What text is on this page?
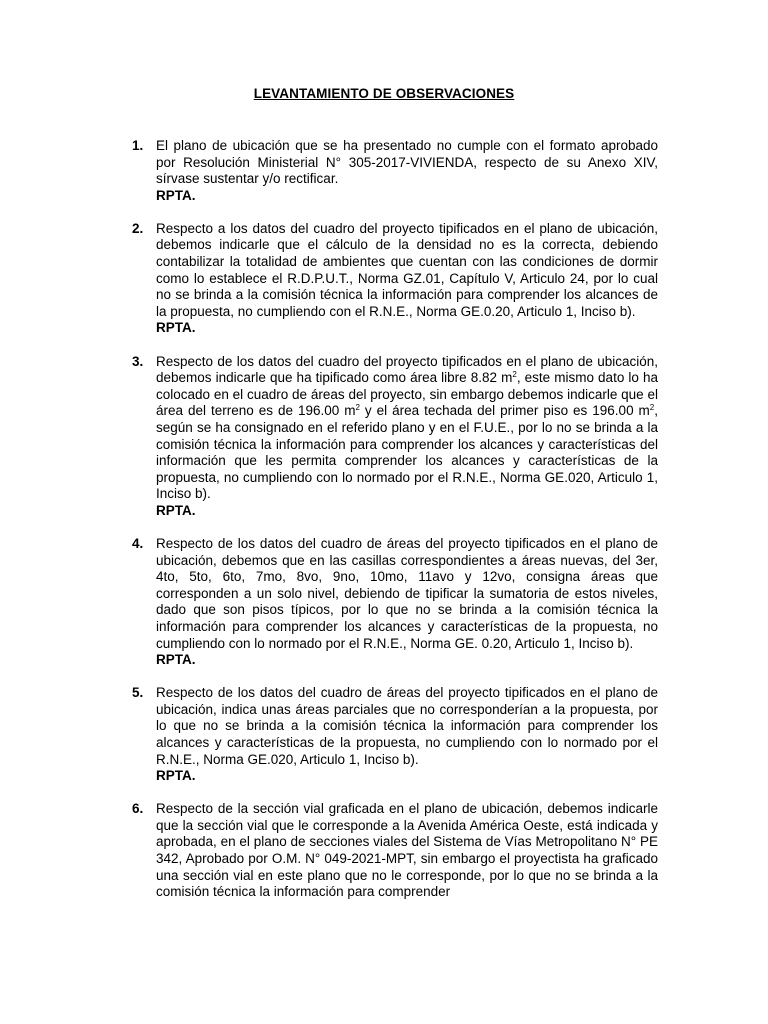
LEVANTAMIENTO DE OBSERVACIONES
1. El plano de ubicación que se ha presentado no cumple con el formato aprobado por Resolución Ministerial N° 305-2017-VIVIENDA, respecto de su Anexo XIV, sírvase sustentar y/o rectificar.
RPTA.
2. Respecto a los datos del cuadro del proyecto tipificados en el plano de ubicación, debemos indicarle que el cálculo de la densidad no es la correcta, debiendo contabilizar la totalidad de ambientes que cuentan con las condiciones de dormir como lo establece el R.D.P.U.T., Norma GZ.01, Capítulo V, Articulo 24, por lo cual no se brinda a la comisión técnica la información para comprender los alcances de la propuesta, no cumpliendo con el R.N.E., Norma GE.0.20, Articulo 1, Inciso b).
RPTA.
3. Respecto de los datos del cuadro del proyecto tipificados en el plano de ubicación, debemos indicarle que ha tipificado como área libre 8.82 $m^2$, este mismo dato lo ha colocado en el cuadro de áreas del proyecto, sin embargo debemos indicarle que el área del terreno es de 196.00 $m^2$ y el área techada del primer piso es 196.00 $m^2$, según se ha consignado en el referido plano y en el F.U.E., por lo no se brinda a la comisión técnica la información para comprender los alcances y características del información que les permita comprender los alcances y características de la propuesta, no cumpliendo con lo normado por el R.N.E., Norma GE.020, Articulo 1, Inciso b).
RPTA.
4. Respecto de los datos del cuadro de áreas del proyecto tipificados en el plano de ubicación, debemos que en las casillas correspondientes a áreas nuevas, del 3er, 4to, 5to, 6to, 7mo, 8vo, 9no, 10mo, 11avo y 12vo, consigna áreas que corresponden a un solo nivel, debiendo de tipificar la sumatoria de estos niveles, dado que son pisos típicos, por lo que no se brinda a la comisión técnica la información para comprender los alcances y características de la propuesta, no cumpliendo con lo normado por el R.N.E., Norma GE. 0.20, Articulo 1, Inciso b).
RPTA.
5. Respecto de los datos del cuadro de áreas del proyecto tipificados en el plano de ubicación, indica unas áreas parciales que no corresponderían a la propuesta, por lo que no se brinda a la comisión técnica la información para comprender los alcances y características de la propuesta, no cumpliendo con lo normado por el R.N.E., Norma GE.020, Articulo 1, Inciso b).
RPTA.
6. Respecto de la sección vial graficada en el plano de ubicación, debemos indicarle que la sección vial que le corresponde a la Avenida América Oeste, está indicada y aprobada, en el plano de secciones viales del Sistema de Vías Metropolitano N° PE 342, Aprobado por O.M. N° 049-2021-MPT, sin embargo el proyectista ha graficado una sección vial en este plano que no le corresponde, por lo que no se brinda a la comisión técnica la información para comprender
